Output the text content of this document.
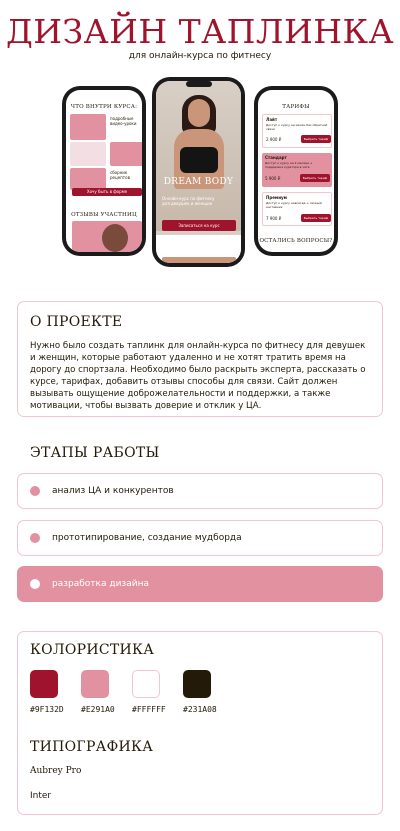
ДИЗАЙН ТАПЛИНКА
для онлайн-курса по фитнесу
ЧТО ВНУТРИ КУРСА:
подробные видео-уроки
сборник рецептов
Хочу быть в форме
ОТЗЫВЫ УЧАСТНИЦ
DREAM BODY
Онлайн-курс по фитнесу для девушек и женщин
Записаться на курс
ТАРИФЫ
Лайт
Доступ к курсу на месяц без обратной связи
2 900 ₽	Выбрать тариф
Стандарт
Доступ к курсу на 2 месяца + поддержка куратора в чате
5 900 ₽	Выбрать тариф
Премиум
Доступ к курсу навсегда + личный наставник
7 900 ₽	Выбрать тариф
ОСТАЛИСЬ ВОПРОСЫ?
О ПРОЕКТЕ
Нужно было создать таплинк для онлайн-курса по фитнесу для девушек и женщин, которые работают удаленно и не хотят тратить время на дорогу до спортзала. Необходимо было раскрыть эксперта, рассказать о курсе, тарифах, добавить отзывы способы для связи. Сайт должен вызывать ощущение доброжелательности и поддержки, а также мотивации, чтобы вызвать доверие и отклик у ЦА.
ЭТАПЫ РАБОТЫ
анализ ЦА и конкурентов
прототипирование, создание мудборда
разработка дизайна
КОЛОРИСТИКА
#9F132D #E291A0 #FFFFFF #231A08
ТИПОГРАФИКА
Aubrey Pro
Inter
